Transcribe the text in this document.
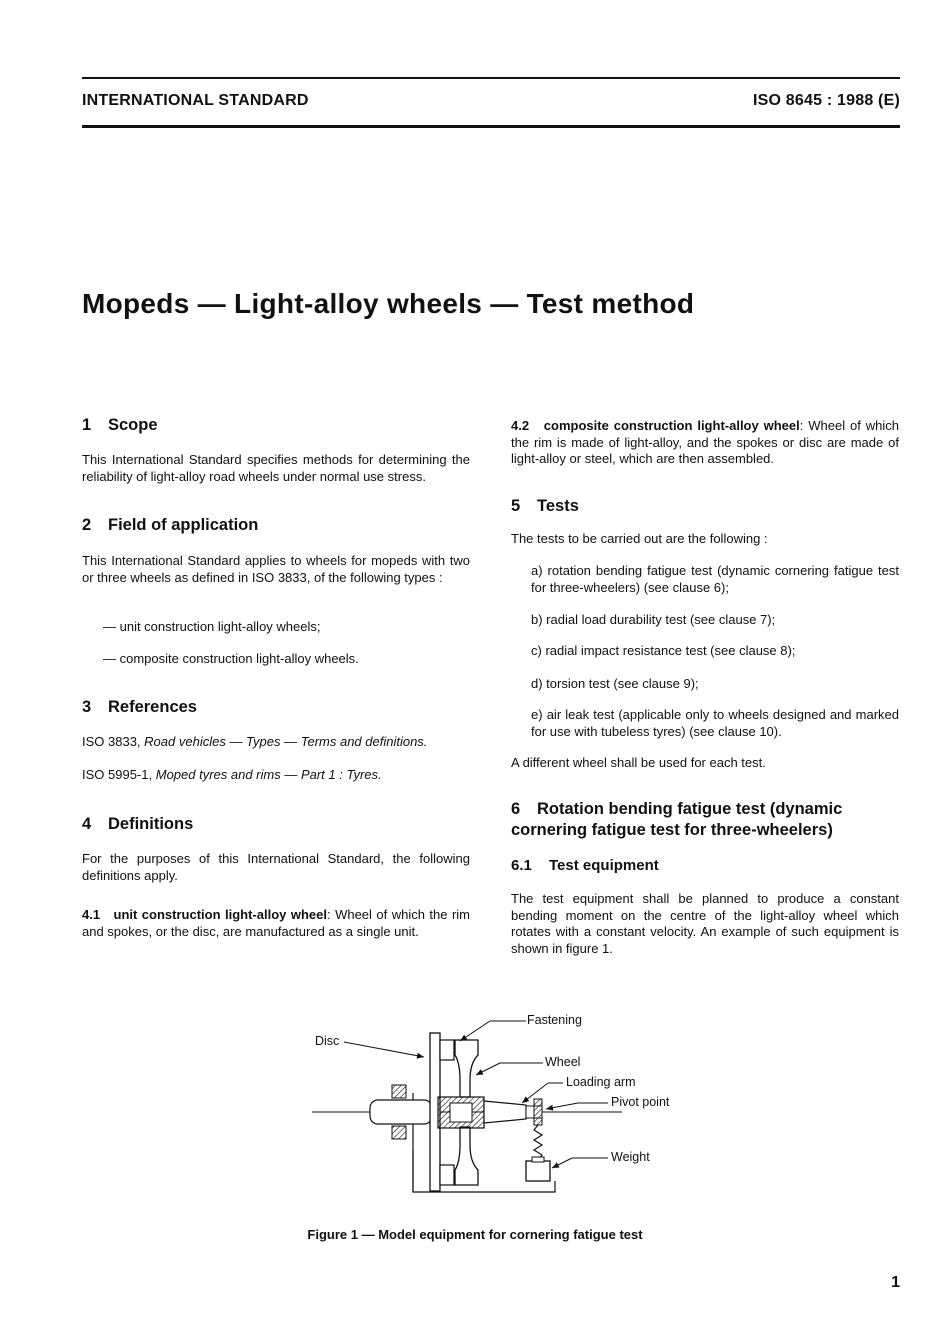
INTERNATIONAL STANDARD	ISO 8645 : 1988 (E)
Mopeds — Light-alloy wheels — Test method
1 Scope
This International Standard specifies methods for determining the reliability of light-alloy road wheels under normal use stress.
2 Field of application
This International Standard applies to wheels for mopeds with two or three wheels as defined in ISO 3833, of the following types :
— unit construction light-alloy wheels;
— composite construction light-alloy wheels.
3 References
ISO 3833, Road vehicles — Types — Terms and definitions.
ISO 5995-1, Moped tyres and rims — Part 1 : Tyres.
4 Definitions
For the purposes of this International Standard, the following definitions apply.
4.1 unit construction light-alloy wheel: Wheel of which the rim and spokes, or the disc, are manufactured as a single unit.
4.2 composite construction light-alloy wheel: Wheel of which the rim is made of light-alloy, and the spokes or disc are made of light-alloy or steel, which are then assembled.
5 Tests
The tests to be carried out are the following :
a) rotation bending fatigue test (dynamic cornering fatigue test for three-wheelers) (see clause 6);
b) radial load durability test (see clause 7);
c) radial impact resistance test (see clause 8);
d) torsion test (see clause 9);
e) air leak test (applicable only to wheels designed and marked for use with tubeless tyres) (see clause 10).
A different wheel shall be used for each test.
6 Rotation bending fatigue test (dynamic
cornering fatigue test for three-wheelers)
6.1 Test equipment
The test equipment shall be planned to produce a constant bending moment on the centre of the light-alloy wheel which rotates with a constant velocity. An example of such equipment is shown in figure 1.
Fastening
Disc
Wheel
Loading arm
Pivot point
Weight
Figure 1 — Model equipment for cornering fatigue test
1
